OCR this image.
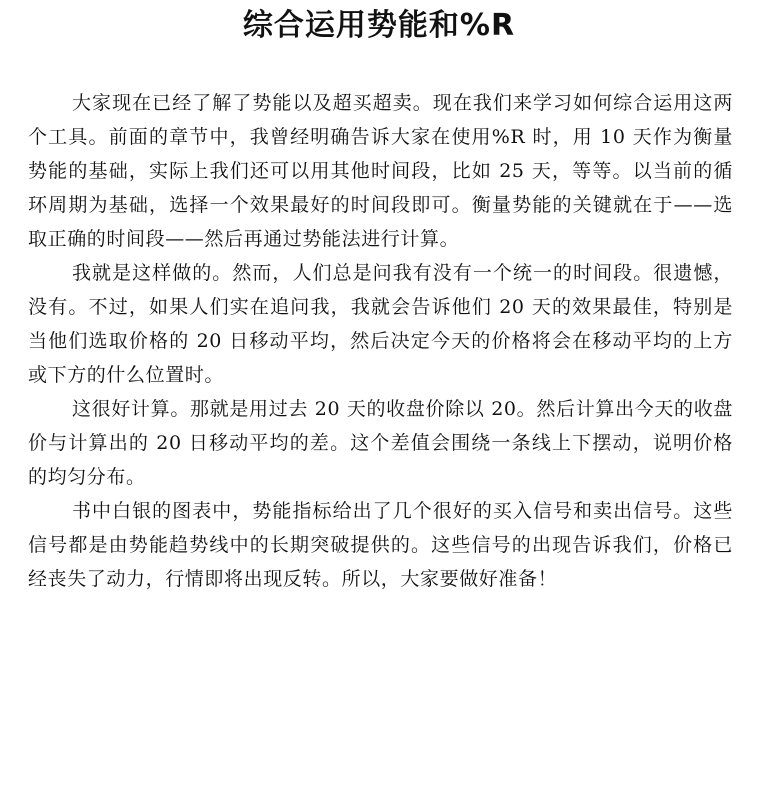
综合运用势能和%R

大家现在已经了解了势能以及超买超卖。现在我们来学习如何综合运用这两个工具。前面的章节中，我曾经明确告诉大家在使用%R 时，用 10 天作为衡量势能的基础，实际上我们还可以用其他时间段，比如 25 天，等等。以当前的循环周期为基础，选择一个效果最好的时间段即可。衡量势能的关键就在于——选取正确的时间段——然后再通过势能法进行计算。

我就是这样做的。然而，人们总是问我有没有一个统一的时间段。很遗憾，没有。不过，如果人们实在追问我，我就会告诉他们 20 天的效果最佳，特别是当他们选取价格的 20 日移动平均，然后决定今天的价格将会在移动平均的上方或下方的什么位置时。

这很好计算。那就是用过去 20 天的收盘价除以 20。然后计算出今天的收盘价与计算出的 20 日移动平均的差。这个差值会围绕一条线上下摆动，说明价格的均匀分布。

书中白银的图表中，势能指标给出了几个很好的买入信号和卖出信号。这些信号都是由势能趋势线中的长期突破提供的。这些信号的出现告诉我们，价格已经丧失了动力，行情即将出现反转。所以，大家要做好准备！
